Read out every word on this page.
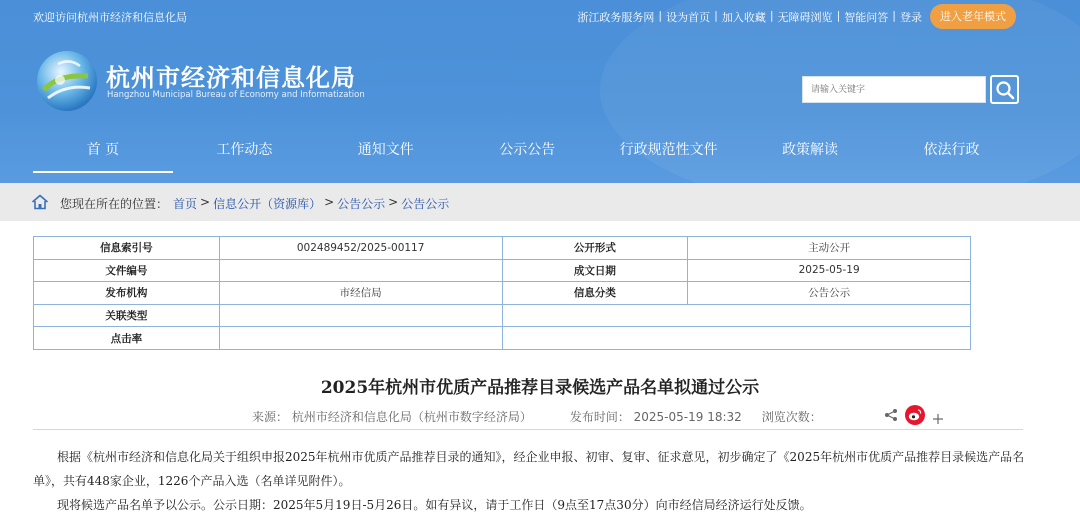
欢迎访问杭州市经济和信息化局	浙江政务服务网 | 设为首页 | 加入收藏 | 无障碍浏览 | 智能问答 | 登录	进入老年模式
杭州市经济和信息化局
Hangzhou Municipal Bureau of Economy and Informatization
请输入关键字
首 页	工作动态	通知文件	公示公告	行政规范性文件	政策解读	依法行政
您现在所在的位置： 首页 > 信息公开（资源库） > 公告公示 > 公告公示
信息索引号	002489452/2025-00117	公开形式	主动公开
文件编号		成文日期	2025-05-19
发布机构	市经信局	信息分类	公告公示
关联类型			
点击率			
2025年杭州市优质产品推荐目录候选产品名单拟通过公示
来源： 杭州市经济和信息化局（杭州市数字经济局）	发布时间： 2025-05-19 18:32 浏览次数：

根据《杭州市经济和信息化局关于组织申报2025年杭州市优质产品推荐目录的通知》，经企业申报、初审、复审、征求意见，初步确定了《2025年杭州市优质产品推荐目录候选产品名单》，共有448家企业，1226个产品入选（名单详见附件）。

现将候选产品名单予以公示。公示日期：2025年5月19日-5月26日。如有异议，请于工作日（9点至17点30分）向市经信局经济运行处反馈。
